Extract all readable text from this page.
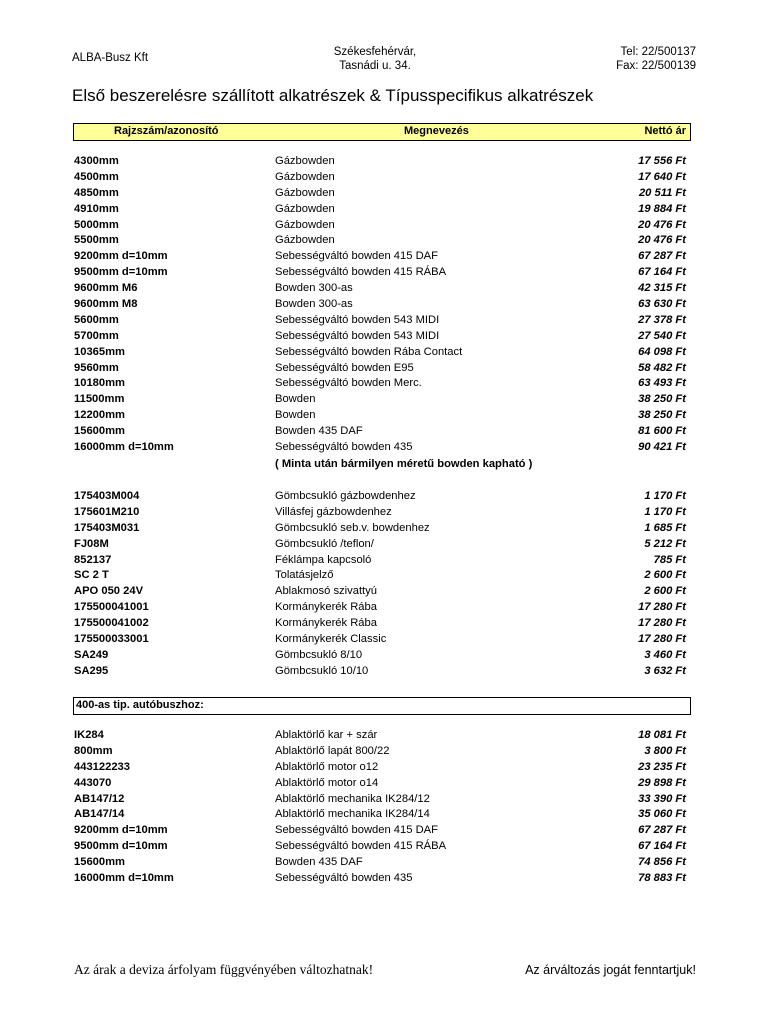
ALBA-Busz Kft	Székesfehérvár,
Tasnádi u. 34.
Tel: 22/500137
Fax: 22/500139
Első beszerelésre szállított alkatrészek & Típusspecifikus alkatrészek
Rajzszám/azonosító	Megnevezés	Nettó ár
4300mm	Gázbowden	17 556 Ft
4500mm	Gázbowden	17 640 Ft
4850mm	Gázbowden	20 511 Ft
4910mm	Gázbowden	19 884 Ft
5000mm	Gázbowden	20 476 Ft
5500mm	Gázbowden	20 476 Ft
9200mm d=10mm	Sebességváltó bowden 415 DAF	67 287 Ft
9500mm d=10mm	Sebességváltó bowden 415 RÁBA	67 164 Ft
9600mm M6	Bowden 300-as	42 315 Ft
9600mm M8	Bowden 300-as	63 630 Ft
5600mm	Sebességváltó bowden 543 MIDI	27 378 Ft
5700mm	Sebességváltó bowden 543 MIDI	27 540 Ft
10365mm	Sebességváltó bowden Rába Contact	64 098 Ft
9560mm	Sebességváltó bowden E95	58 482 Ft
10180mm	Sebességváltó bowden Merc.	63 493 Ft
11500mm	Bowden	38 250 Ft
12200mm	Bowden	38 250 Ft
15600mm	Bowden 435 DAF	81 600 Ft
16000mm d=10mm	Sebességváltó bowden 435	90 421 Ft
( Minta után bármilyen méretű bowden kapható )
175403M004	Gömbcsukló gázbowdenhez	1 170 Ft
175601M210	Villásfej gázbowdenhez	1 170 Ft
175403M031	Gömbcsukló seb.v. bowdenhez	1 685 Ft
FJ08M	Gömbcsukló /teflon/	5 212 Ft
852137	Féklámpa kapcsoló	785 Ft
SC 2 T	Tolatásjelző	2 600 Ft
APO 050 24V	Ablakmosó szivattyú	2 600 Ft
175500041001	Kormánykerék Rába	17 280 Ft
175500041002	Kormánykerék Rába	17 280 Ft
175500033001	Kormánykerék Classic	17 280 Ft
SA249	Gömbcsukló 8/10	3 460 Ft
SA295	Gömbcsukló 10/10	3 632 Ft
400-as tip. autóbuszhoz:
IK284	Ablaktörlő kar + szár	18 081 Ft
800mm	Ablaktörlő lapát 800/22	3 800 Ft
443122233	Ablaktörlő motor o12	23 235 Ft
443070	Ablaktörlő motor o14	29 898 Ft
AB147/12	Ablaktörlő mechanika IK284/12	33 390 Ft
AB147/14	Ablaktörlő mechanika IK284/14	35 060 Ft
9200mm d=10mm	Sebességváltó bowden 415 DAF	67 287 Ft
9500mm d=10mm	Sebességváltó bowden 415 RÁBA	67 164 Ft
15600mm	Bowden 435 DAF	74 856 Ft
16000mm d=10mm	Sebességváltó bowden 435	78 883 Ft
Az árak a deviza árfolyam függvényében változhatnak!	Az árváltozás jogát fenntartjuk!
